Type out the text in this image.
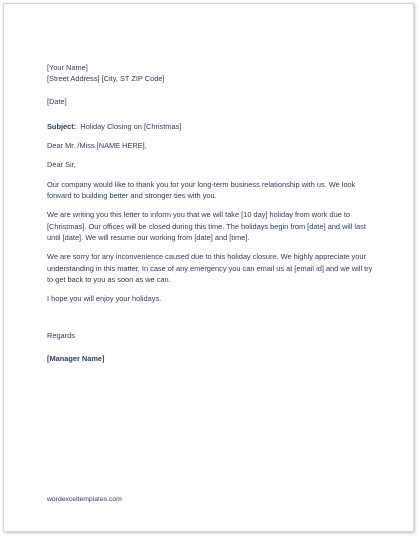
[Your Name]
[Street Address] [City, ST ZIP Code]
[Date]
Subject: Holiday Closing on [Christmas]
Dear Mr. /Miss [NAME HERE],
Dear Sir,
Our company would like to thank you for your long-term business relationship with us. We look
forward to building better and stronger ties with you.
We are writing you this letter to inform you that we will take [10 day] holiday from work due to
[Christmas]. Our offices will be closed during this time. The holidays begin from [date] and will last
until [date]. We will resume our working from [date] and [time].
We are sorry for any inconvenience caused due to this holiday closure. We highly appreciate your
understanding in this matter. In case of any emergency you can email us at [email id] and we will try
to get back to you as soon as we can.
I hope you will enjoy your holidays.
Regards
[Manager Name]
wordexceltemplates.com
